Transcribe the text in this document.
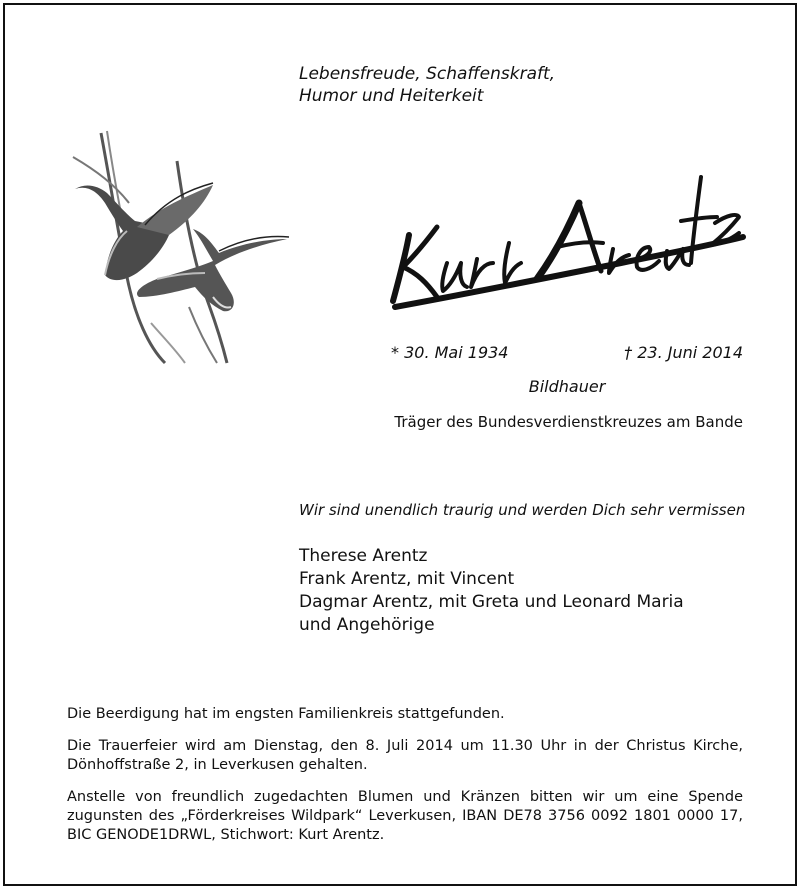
Lebensfreude, Schaffenskraft,
Humor und Heiterkeit
* 30. Mai 1934	† 23. Juni 2014
Bildhauer
Träger des Bundesverdienstkreuzes am Bande
Wir sind unendlich traurig und werden Dich sehr vermissen
Therese Arentz
Frank Arentz, mit Vincent
Dagmar Arentz, mit Greta und Leonard Maria
und Angehörige

Die Beerdigung hat im engsten Familienkreis stattgefunden.

Die Trauerfeier wird am Dienstag, den 8. Juli 2014 um 11.30 Uhr in der Christus Kirche, Dönhoffstraße 2, in Leverkusen gehalten.

Anstelle von freundlich zugedachten Blumen und Kränzen bitten wir um eine Spende zugunsten des „Förderkreises Wildpark“ Leverkusen, IBAN DE78 3756 0092 1801 0000 17, BIC GENODE1DRWL, Stichwort: Kurt Arentz.
